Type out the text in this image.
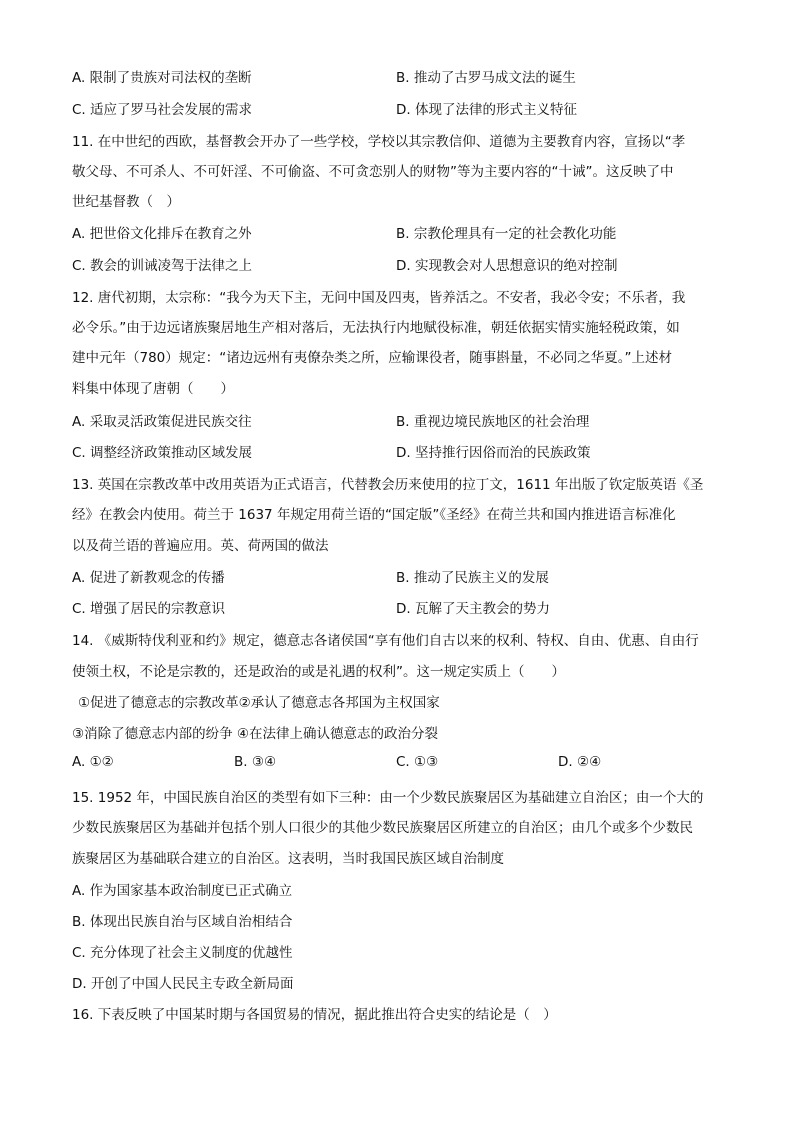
A. 限制了贵族对司法权的垄断	B. 推动了古罗马成文法的诞生
C. 适应了罗马社会发展的需求	D. 体现了法律的形式主义特征
11. 在中世纪的西欧，基督教会开办了一些学校，学校以其宗教信仰、道德为主要教育内容，宣扬以“孝
敬父母、不可杀人、不可奸淫、不可偷盗、不可贪恋别人的财物”等为主要内容的“十诫”。这反映了中
世纪基督教（　）
A. 把世俗文化排斥在教育之外	B. 宗教伦理具有一定的社会教化功能
C. 教会的训诫凌驾于法律之上	D. 实现教会对人思想意识的绝对控制
12. 唐代初期，太宗称：“我今为天下主，无问中国及四夷，皆养活之。不安者，我必令安；不乐者，我
必令乐。”由于边远诸族聚居地生产相对落后，无法执行内地赋役标准，朝廷依据实情实施轻税政策，如
建中元年（780）规定：“诸边远州有夷僚杂类之所，应输课役者，随事斟量，不必同之华夏。”上述材
料集中体现了唐朝（　　）
A. 采取灵活政策促进民族交往	B. 重视边境民族地区的社会治理
C. 调整经济政策推动区域发展	D. 坚持推行因俗而治的民族政策
13. 英国在宗教改革中改用英语为正式语言，代替教会历来使用的拉丁文，1611 年出版了钦定版英语《圣
经》在教会内使用。荷兰于 1637 年规定用荷兰语的“国定版”《圣经》在荷兰共和国内推进语言标准化
以及荷兰语的普遍应用。英、荷两国的做法
A. 促进了新教观念的传播	B. 推动了民族主义的发展
C. 增强了居民的宗教意识	D. 瓦解了天主教会的势力
14. 《威斯特伐利亚和约》规定，德意志各诸侯国“享有他们自古以来的权利、特权、自由、优惠、自由行
使领土权，不论是宗教的，还是政治的或是礼遇的权利”。这一规定实质上（　　）
①促进了德意志的宗教改革②承认了德意志各邦国为主权国家
③消除了德意志内部的纷争 ④在法律上确认德意志的政治分裂
A. ①②	B. ③④	C. ①③	D. ②④
15. 1952 年，中国民族自治区的类型有如下三种：由一个少数民族聚居区为基础建立自治区；由一个大的
少数民族聚居区为基础并包括个别人口很少的其他少数民族聚居区所建立的自治区；由几个或多个少数民
族聚居区为基础联合建立的自治区。这表明，当时我国民族区域自治制度
A. 作为国家基本政治制度已正式确立
B. 体现出民族自治与区域自治相结合
C. 充分体现了社会主义制度的优越性
D. 开创了中国人民民主专政全新局面
16. 下表反映了中国某时期与各国贸易的情况，据此推出符合史实的结论是（　）
